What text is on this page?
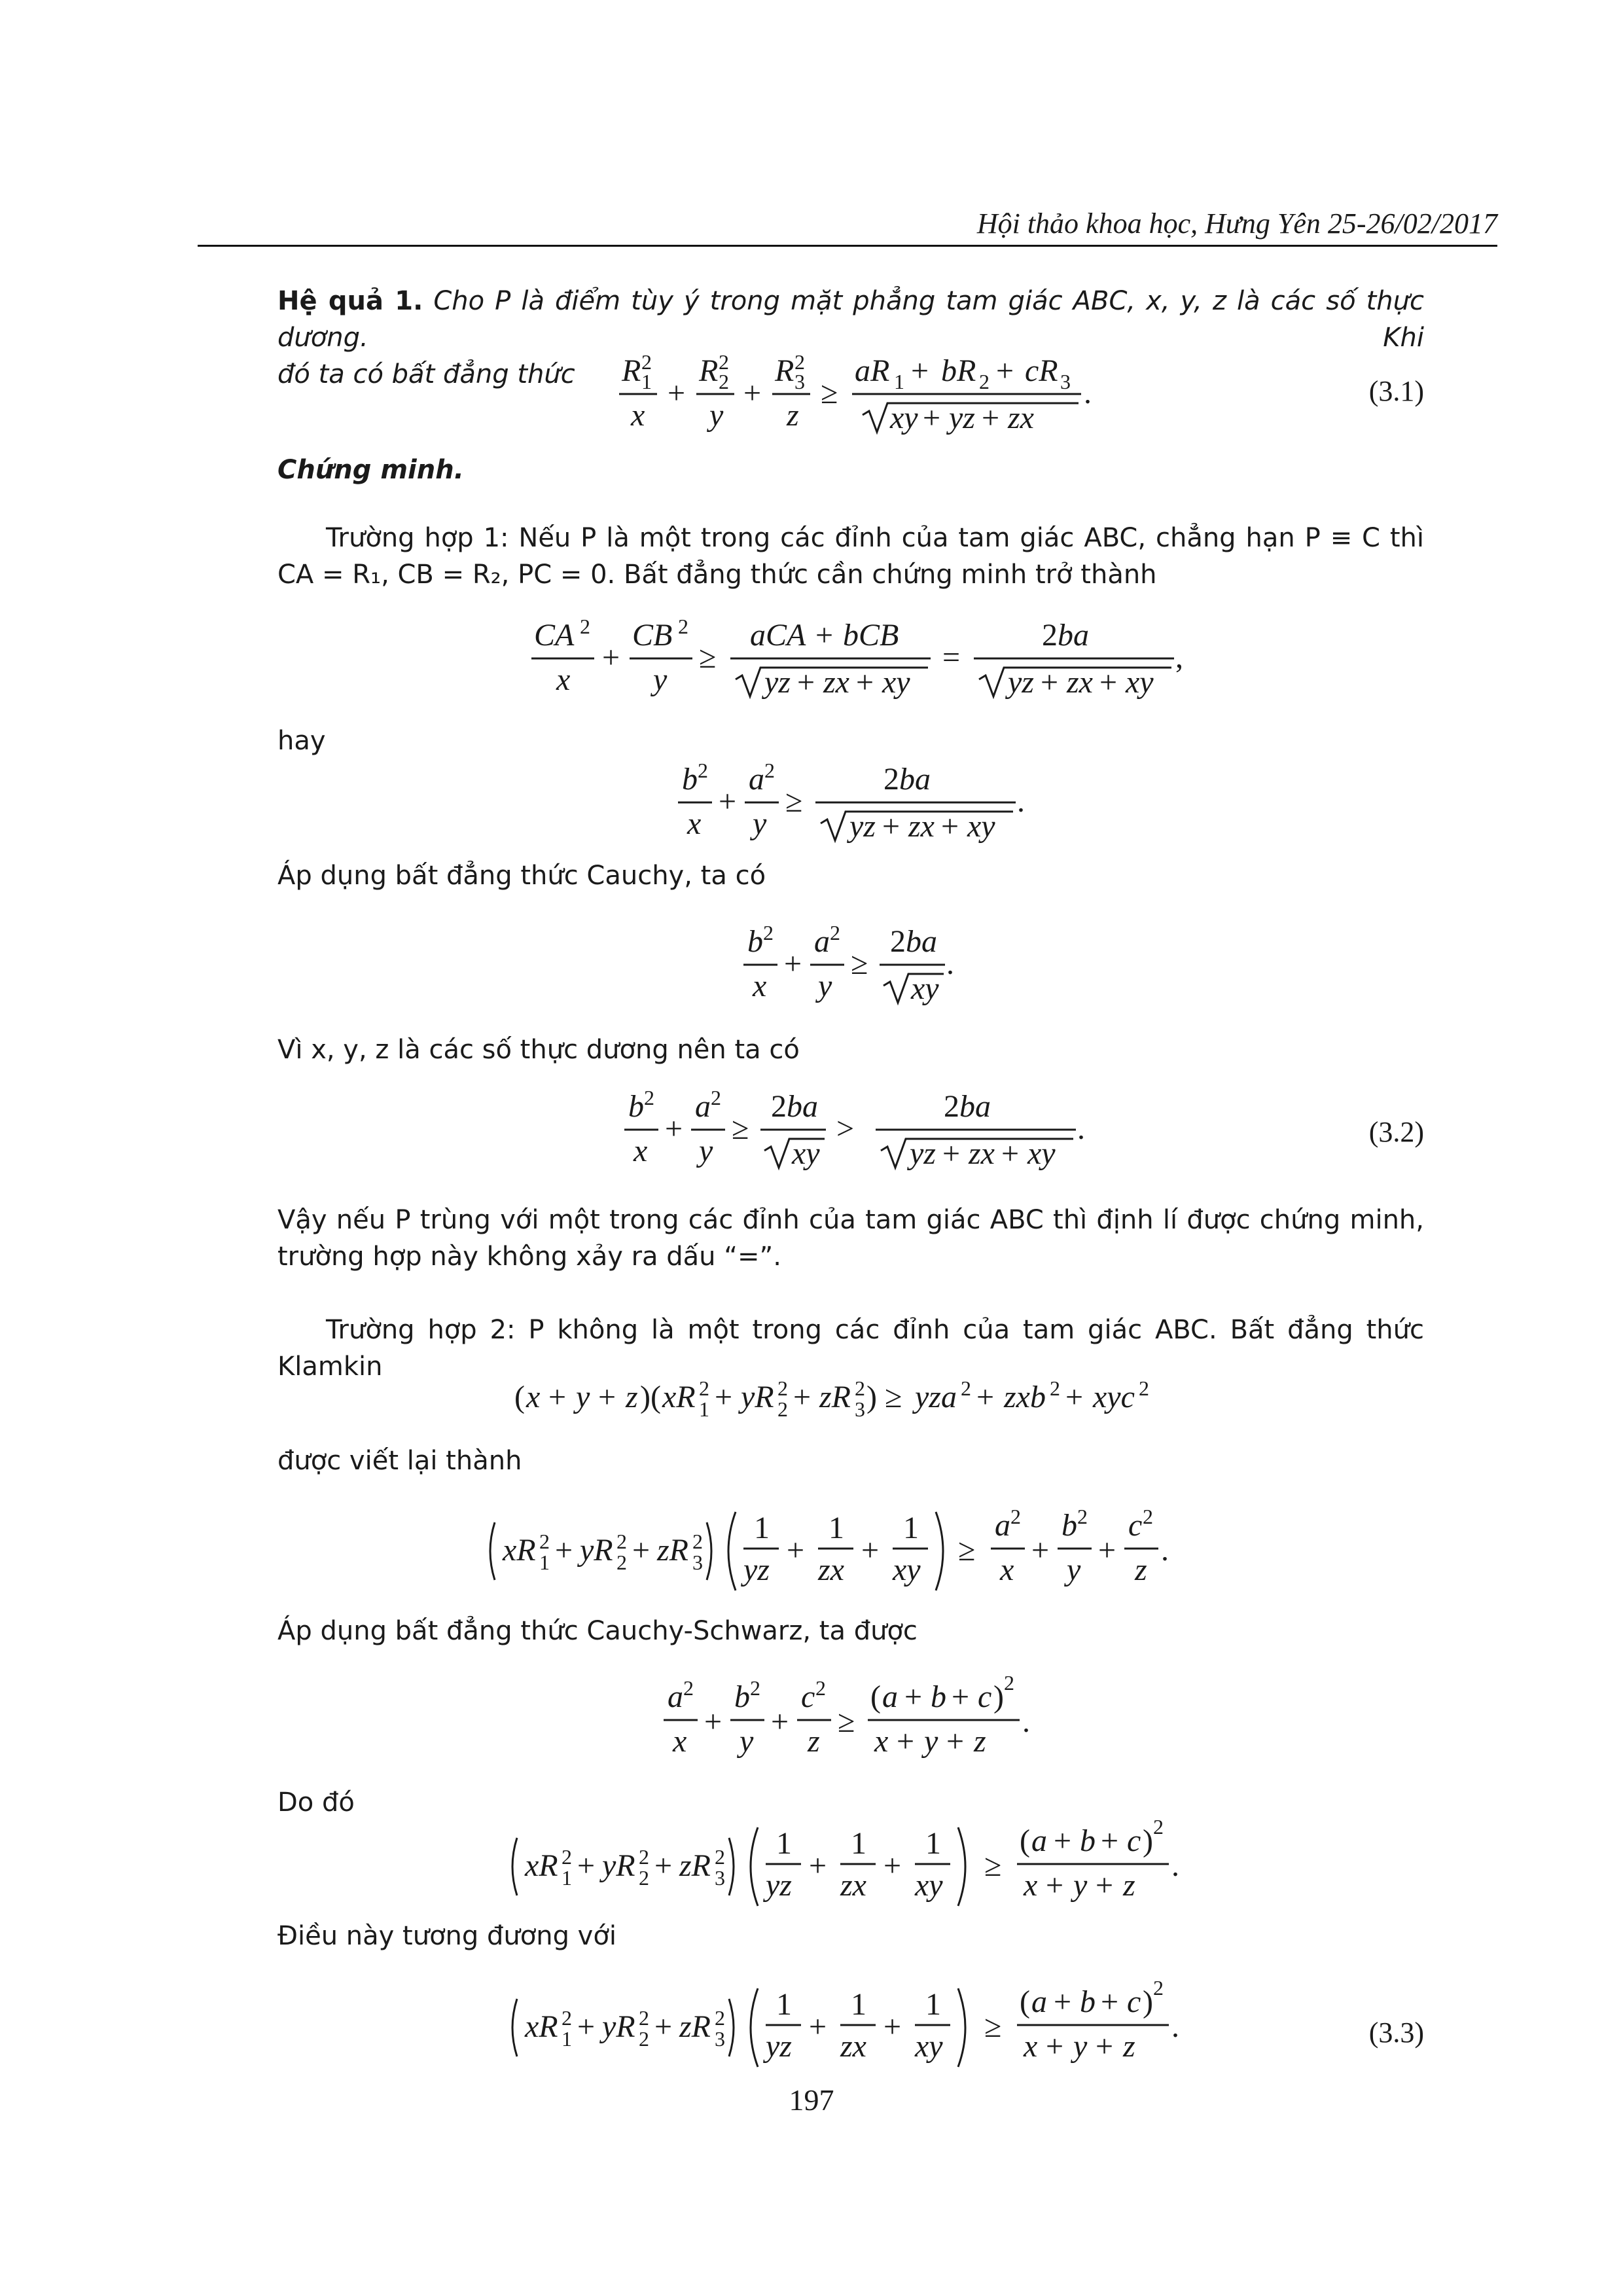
Hội thảo khoa học, Hưng Yên 25-26/02/2017
Hệ quả 1. Cho P là điểm tùy ý trong mặt phẳng tam giác ABC, x, y, z là các số thực dương. Khi
đó ta có bất đẳng thức	R 1
2
x
+
R 2
2
y
+
R 3
2
z
≥
aR 1 + bR 2 + cR 3
xy + yz + zx
.	(3.1)
Chứng minh.
Trường hợp 1: Nếu P là một trong các đỉnh của tam giác ABC, chẳng hạn P ≡ C thì
CA = R₁, CB = R₂, PC = 0. Bất đẳng thức cần chứng minh trở thành
CA 2
x
+
CB 2
y
≥
aCA + bCB
yz + zx + xy
=
2 ba
yz + zx + xy
,
hay
b 2
x
+
a 2
y
≥
2 ba
yz + zx + xy
.
Áp dụng bất đẳng thức Cauchy, ta có
b 2
x
+
a 2
y
≥
2 ba
xy
.
Vì x, y, z là các số thực dương nên ta có
b 2
x
+
a 2
y
≥
2 ba
xy
>
2 ba
yz + zx + xy
.	(3.2)
Vậy nếu P trùng với một trong các đỉnh của tam giác ABC thì định lí được chứng minh,
trường hợp này không xảy ra dấu “=”.
Trường hợp 2: P không là một trong các đỉnh của tam giác ABC. Bất đẳng thức
Klamkin
( x + y + z )( xR 2
1 + yR 2
2 + zR 2
3 ) ≥ yza 2 + zxb 2 + xyc 2
được viết lại thành
xR 2
1 + yR 2
2 + zR 2
3
1
yz
+
1
zx
+
1
xy
≥
a 2
x
+
b 2
y
+
c 2
z
.
Áp dụng bất đẳng thức Cauchy-Schwarz, ta được
a 2
x
+
b 2
y
+
c 2
z
≥
( a + b + c ) 2
x + y + z
.
Do đó
xR 2
1 + yR 2
2 + zR 2
3
1
yz
+
1
zx
+
1
xy
≥
( a + b + c ) 2
x + y + z
.
Điều này tương đương với
xR 2
1 + yR 2
2 + zR 2
3
1
yz
+
1
zx
+
1
xy
≥
( a + b + c ) 2
x + y + z
.	(3.3)
197
